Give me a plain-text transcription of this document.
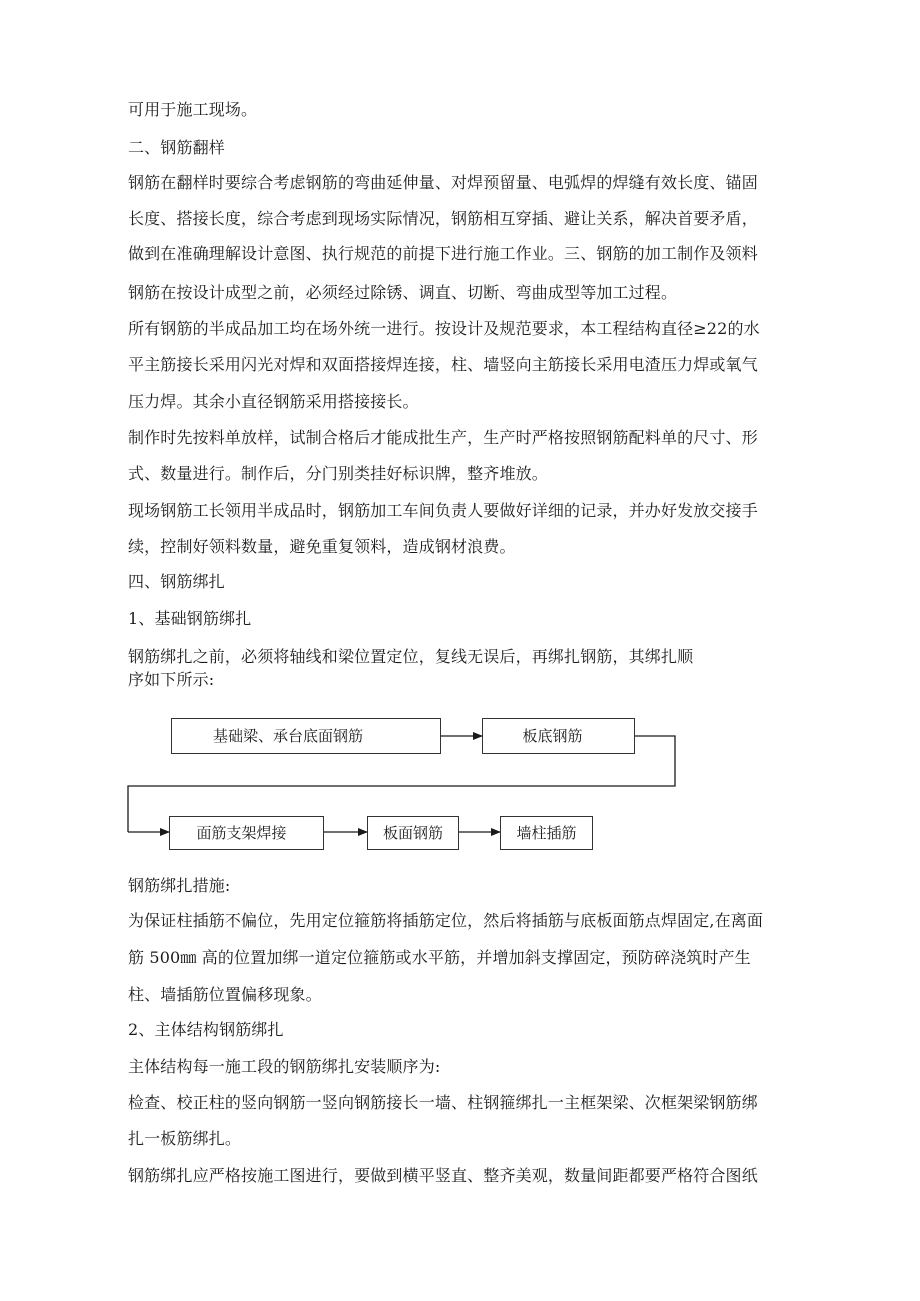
可用于施工现场。

二、钢筋翻样

钢筋在翻样时要综合考虑钢筋的弯曲延伸量、对焊预留量、电弧焊的焊缝有效长度、锚固

长度、搭接长度，综合考虑到现场实际情况，钢筋相互穿插、避让关系，解决首要矛盾，

做到在准确理解设计意图、执行规范的前提下进行施工作业。三、钢筋的加工制作及领料

钢筋在按设计成型之前，必须经过除锈、调直、切断、弯曲成型等加工过程。

所有钢筋的半成品加工均在场外统一进行。按设计及规范要求，本工程结构直径≥22的水

平主筋接长采用闪光对焊和双面搭接焊连接，柱、墙竖向主筋接长采用电渣压力焊或氧气

压力焊。其余小直径钢筋采用搭接接长。

制作时先按料单放样，试制合格后才能成批生产，生产时严格按照钢筋配料单的尺寸、形

式、数量进行。制作后，分门别类挂好标识牌，整齐堆放。

现场钢筋工长领用半成品时，钢筋加工车间负责人要做好详细的记录，并办好发放交接手

续，控制好领料数量，避免重复领料，造成钢材浪费。

四、钢筋绑扎

1、基础钢筋绑扎

钢筋绑扎之前，必须将轴线和梁位置定位，复线无误后，再绑扎钢筋，其绑扎顺

序如下所示:

基础梁、承台底面钢筋	板底钢筋
面筋支架焊接	板面钢筋	墙柱插筋

钢筋绑扎措施:

为保证柱插筋不偏位，先用定位箍筋将插筋定位，然后将插筋与底板面筋点焊固定,在离面

筋 500㎜ 高的位置加绑一道定位箍筋或水平筋，并增加斜支撑固定，预防碎浇筑时产生

柱、墙插筋位置偏移现象。

2、主体结构钢筋绑扎

主体结构每一施工段的钢筋绑扎安装顺序为:

检查、校正柱的竖向钢筋一竖向钢筋接长一墙、柱钢箍绑扎一主框架梁、次框架梁钢筋绑

扎一板筋绑扎。

钢筋绑扎应严格按施工图进行，要做到横平竖直、整齐美观，数量间距都要严格符合图纸
